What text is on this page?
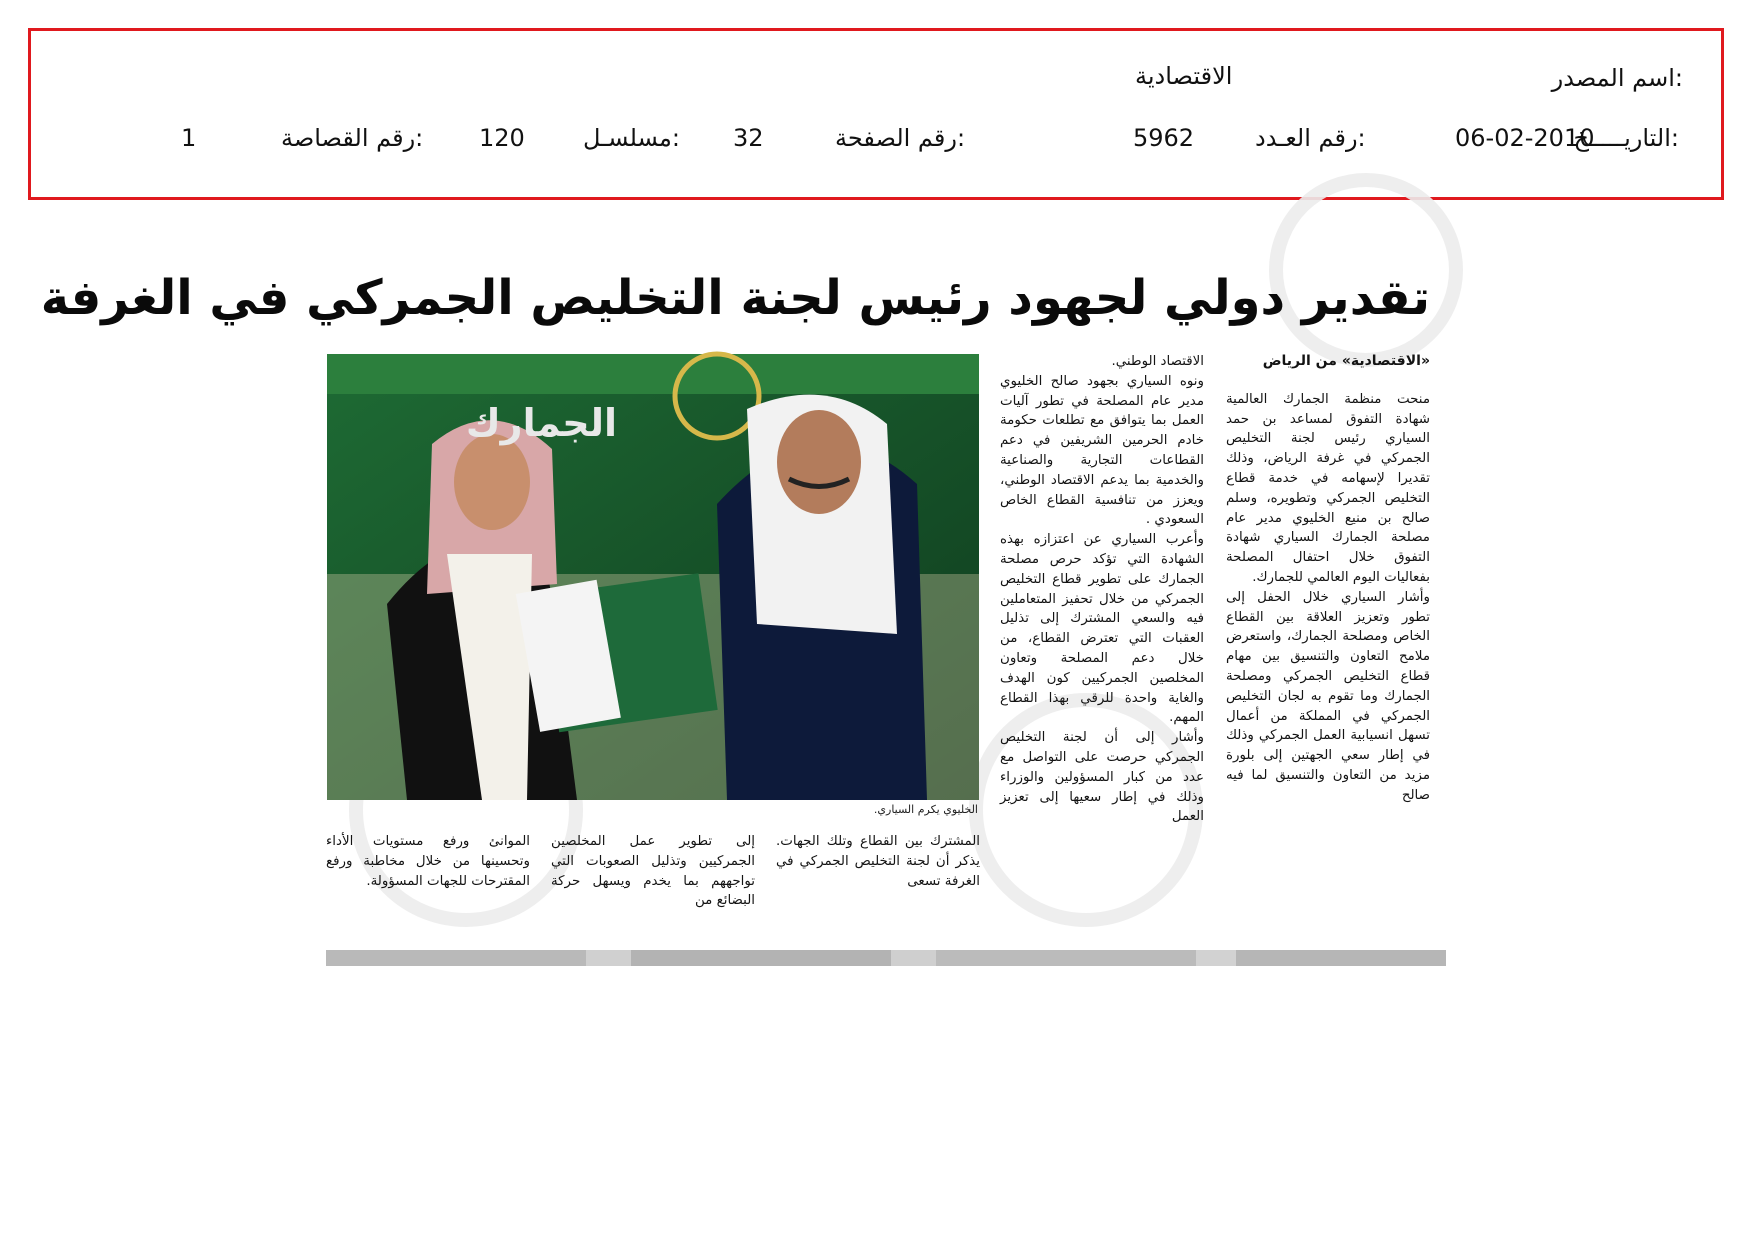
اسم المصدر:
الاقتصادية
التاريـــــخ:
06-02-2010
رقم العـدد:
5962
رقم الصفحة:
32
مسلسـل:
120
رقم القصاصة:
1
تقدير دولي لجهود رئيس لجنة التخليص الجمركي في الغرفة

«الاقتصادية» من الرياض

منحت منظمة الجمارك العالمية شهادة التفوق لمساعد بن حمد السياري رئيس لجنة التخليص الجمركي في غرفة الرياض، وذلك تقديرا لإسهامه في خدمة قطاع التخليص الجمركي وتطويره، وسلم صالح بن منيع الخليوي مدير عام مصلحة الجمارك السياري شهادة التفوق خلال احتفال المصلحة بفعاليات اليوم العالمي للجمارك.

وأشار السياري خلال الحفل إلى تطور وتعزيز العلاقة بين القطاع الخاص ومصلحة الجمارك، واستعرض ملامح التعاون والتنسيق بين مهام قطاع التخليص الجمركي ومصلحة الجمارك وما تقوم به لجان التخليص الجمركي في المملكة من أعمال تسهل انسيابية العمل الجمركي وذلك في إطار سعي الجهتين إلى بلورة مزيد من التعاون والتنسيق لما فيه صالح

الاقتصاد الوطني.

ونوه السياري بجهود صالح الخليوي مدير عام المصلحة في تطور آليات العمل بما يتوافق مع تطلعات حكومة خادم الحرمين الشريفين في دعم القطاعات التجارية والصناعية والخدمية بما يدعم الاقتصاد الوطني، ويعزز من تنافسية القطاع الخاص السعودي .

وأعرب السياري عن اعتزازه بهذه الشهادة التي تؤكد حرص مصلحة الجمارك على تطوير قطاع التخليص الجمركي من خلال تحفيز المتعاملين فيه والسعي المشترك إلى تذليل العقبات التي تعترض القطاع، من خلال دعم المصلحة وتعاون المخلصين الجمركيين كون الهدف والغاية واحدة للرقي بهذا القطاع المهم.

وأشار إلى أن لجنة التخليص الجمركي حرصت على التواصل مع عدد من كبار المسؤولين والوزراء وذلك في إطار سعيها إلى تعزيز العمل

الجمارك
الخليوي يكرم السياري.
المشترك بين القطاع وتلك الجهات. يذكر أن لجنة التخليص الجمركي في الغرفة تسعى
إلى تطوير عمل المخلصين الجمركيين وتذليل الصعوبات التي تواجههم بما يخدم ويسهل حركة البضائع من
الموانئ ورفع مستويات الأداء وتحسينها من خلال مخاطبة ورفع المقترحات للجهات المسؤولة.
